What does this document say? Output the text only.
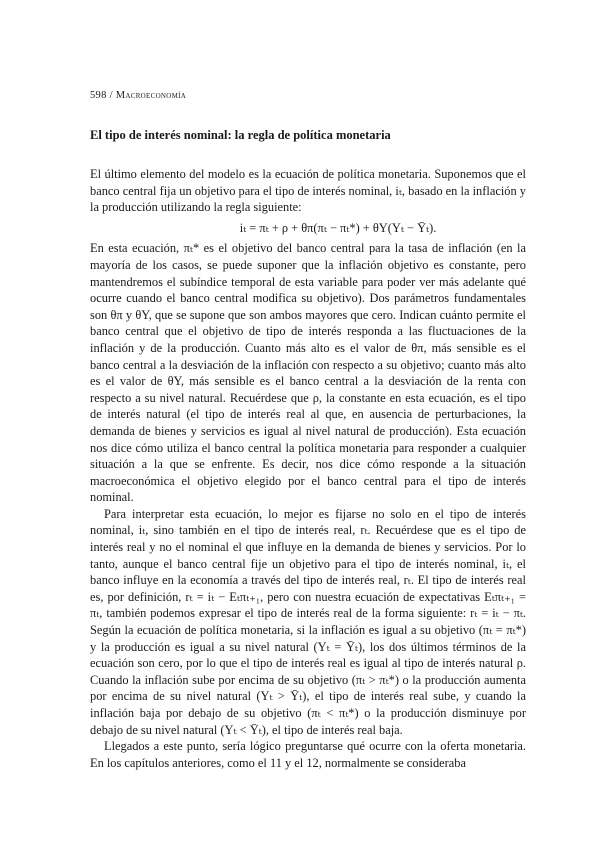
598 / Macroeconomía
El tipo de interés nominal: la regla de política monetaria

El último elemento del modelo es la ecuación de política monetaria. Suponemos que el banco central fija un objetivo para el tipo de interés nominal, iₜ, basado en la inflación y la producción utilizando la regla siguiente:

iₜ = πₜ + ρ + θπ(πₜ − πₜ*) + θY(Yₜ − Ȳₜ).

En esta ecuación, πₜ* es el objetivo del banco central para la tasa de inflación (en la mayoría de los casos, se puede suponer que la inflación objetivo es constante, pero mantendremos el subíndice temporal de esta variable para poder ver más adelante qué ocurre cuando el banco central modifica su objetivo). Dos parámetros fundamentales son θπ y θY, que se supone que son ambos mayores que cero. Indican cuánto permite el banco central que el objetivo de tipo de interés responda a las fluctuaciones de la inflación y de la producción. Cuanto más alto es el valor de θπ, más sensible es el banco central a la desviación de la inflación con respecto a su objetivo; cuanto más alto es el valor de θY, más sensible es el banco central a la desviación de la renta con respecto a su nivel natural. Recuérdese que ρ, la constante en esta ecuación, es el tipo de interés natural (el tipo de interés real al que, en ausencia de perturbaciones, la demanda de bienes y servicios es igual al nivel natural de producción). Esta ecuación nos dice cómo utiliza el banco central la política monetaria para responder a cualquier situación a la que se enfrente. Es decir, nos dice cómo responde a la situación macroeconómica el objetivo elegido por el banco central para el tipo de interés nominal.

Para interpretar esta ecuación, lo mejor es fijarse no solo en el tipo de interés nominal, iₜ, sino también en el tipo de interés real, rₜ. Recuérdese que es el tipo de interés real y no el nominal el que influye en la demanda de bienes y servicios. Por lo tanto, aunque el banco central fije un objetivo para el tipo de interés nominal, iₜ, el banco influye en la economía a través del tipo de interés real, rₜ. El tipo de interés real es, por definición, rₜ = iₜ − Eₜπₜ₊₁, pero con nuestra ecuación de expectativas Eₜπₜ₊₁ = πₜ, también podemos expresar el tipo de interés real de la forma siguiente: rₜ = iₜ − πₜ. Según la ecuación de política monetaria, si la inflación es igual a su objetivo (πₜ = πₜ*) y la producción es igual a su nivel natural (Yₜ = Ȳₜ), los dos últimos términos de la ecuación son cero, por lo que el tipo de interés real es igual al tipo de interés natural ρ. Cuando la inflación sube por encima de su objetivo (πₜ > πₜ*) o la producción aumenta por encima de su nivel natural (Yₜ > Ȳₜ), el tipo de interés real sube, y cuando la inflación baja por debajo de su objetivo (πₜ < πₜ*) o la producción disminuye por debajo de su nivel natural (Yₜ < Ȳₜ), el tipo de interés real baja.

Llegados a este punto, sería lógico preguntarse qué ocurre con la oferta monetaria. En los capítulos anteriores, como el 11 y el 12, normalmente se consideraba
